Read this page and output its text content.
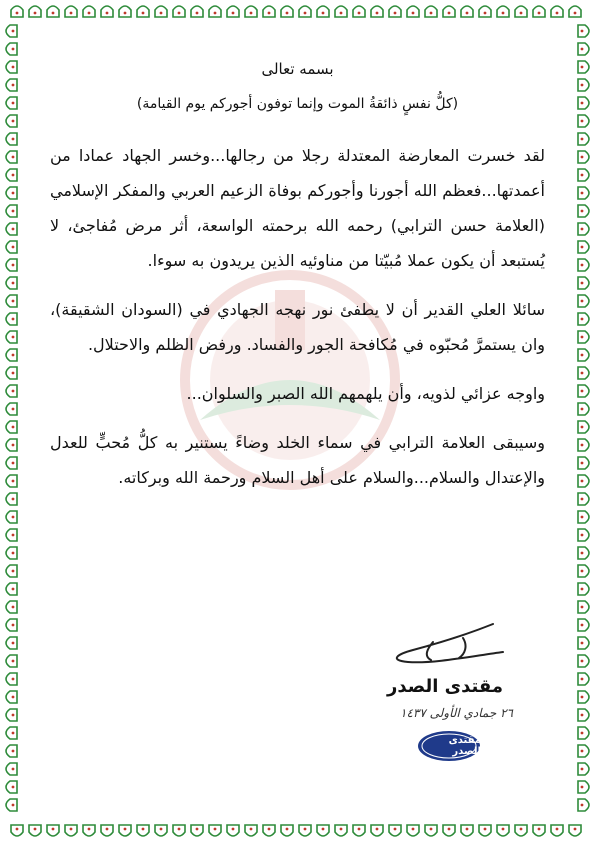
بسمه تعالى
(كلُّ نفسٍ ذائقةُ الموت وإنما توفون أجوركم يوم القيامة)

لقد خسرت المعارضة المعتدلة رجلا من رجالها...وخسر الجهاد عمادا من أعمدتها...فعظم الله أجورنا وأجوركم بوفاة الزعيم العربي والمفكر الإسلامي (العلامة حسن الترابي) رحمه الله برحمته الواسعة، أثر مرض مُفاجئ، لا يُستبعد أن يكون عملا مُبيّتا من مناوئيه الذين يريدون به سوءا.

سائلا العلي القدير أن لا يطفئ نور نهجه الجهادي في (السودان الشقيقة)، وان يستمرَّ مُحبّوه في مُكافحة الجور والفساد. ورفض الظلم والاحتلال.

واوجه عزائي لذويه، وأن يلهمهم الله الصبر والسلوان...

وسيبقى العلامة الترابي في سماء الخلد وضاءً يستنير به كلُّ مُحبٍّ للعدل والإعتدال والسلام...والسلام على أهل السلام ورحمة الله وبركاته.

مقتدى الصدر
٢٦ جمادي الأولى ١٤٣٧
مقتدى الصدر
